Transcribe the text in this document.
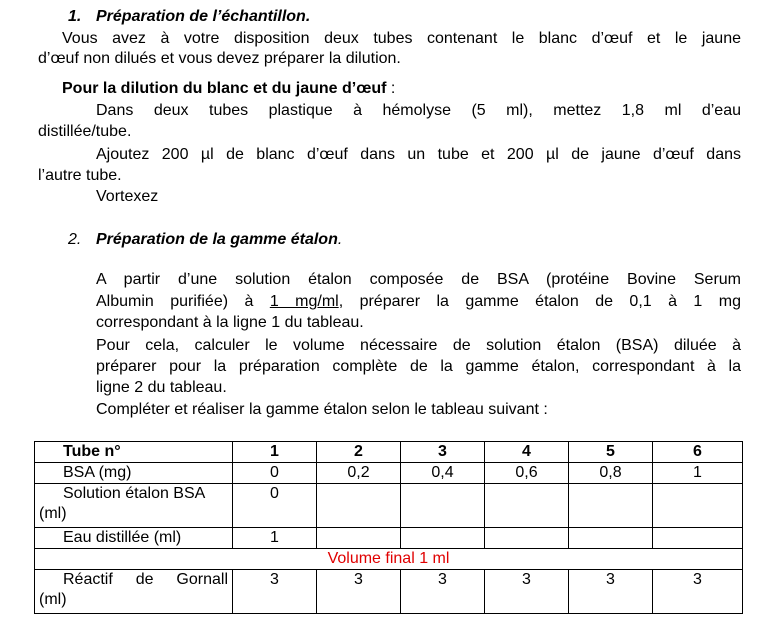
1. Préparation de l’échantillon.
Vous avez à votre disposition deux tubes contenant le blanc d’œuf et le jaune
d’œuf non dilués et vous devez préparer la dilution.
Pour la dilution du blanc et du jaune d’œuf :
Dans deux tubes plastique à hémolyse (5 ml), mettez 1,8 ml d’eau
distillée/tube.
Ajoutez 200 µl de blanc d’œuf dans un tube et 200 µl de jaune d’œuf dans
l’autre tube.
Vortexez
2. Préparation de la gamme étalon.
A partir d’une solution étalon composée de BSA (protéine Bovine Serum
Albumin purifiée) à 1 mg/ml, préparer la gamme étalon de 0,1 à 1 mg
correspondant à la ligne 1 du tableau.
Pour cela, calculer le volume nécessaire de solution étalon (BSA) diluée à
préparer pour la préparation complète de la gamme étalon, correspondant à la
ligne 2 du tableau.
Compléter et réaliser la gamme étalon selon le tableau suivant :
Tube n°	1	2	3	4	5	6
BSA (mg)	0	0,2	0,4	0,6	0,8	1
Solution étalon BSA
(ml)	0					
Eau distillée (ml)	1					
Volume final 1 ml						

Réactif de Gornall
(ml)	3	3	3	3	3	3
